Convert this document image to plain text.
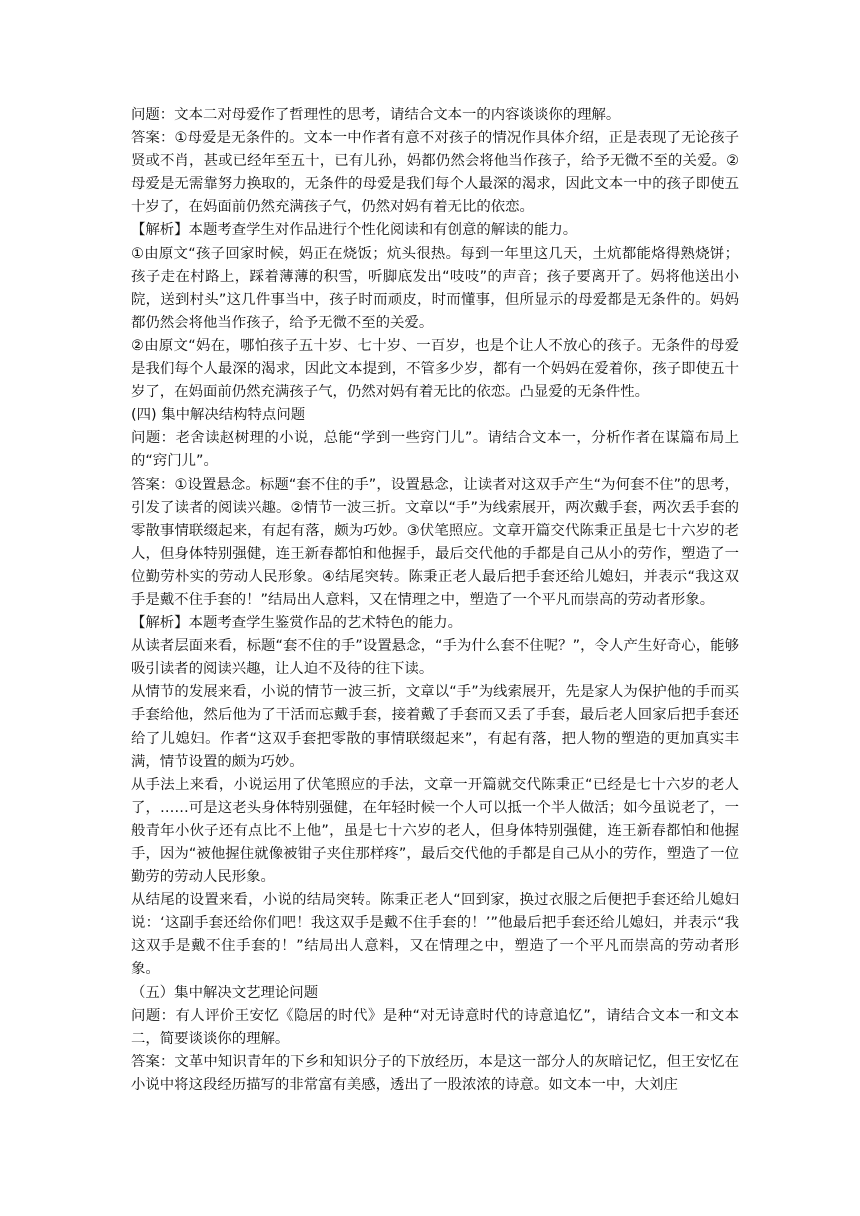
问题：文本二对母爱作了哲理性的思考，请结合文本一的内容谈谈你的理解。

答案：①母爱是无条件的。文本一中作者有意不对孩子的情况作具体介绍，正是表现了无论孩子贤或不肖，甚或已经年至五十，已有儿孙，妈都仍然会将他当作孩子，给予无微不至的关爱。②母爱是无需靠努力换取的，无条件的母爱是我们每个人最深的渴求，因此文本一中的孩子即使五十岁了，在妈面前仍然充满孩子气，仍然对妈有着无比的依恋。

【解析】本题考查学生对作品进行个性化阅读和有创意的解读的能力。

①由原文“孩子回家时候，妈正在烧饭；炕头很热。每到一年里这几天，土炕都能烙得熟烧饼；孩子走在村路上，踩着薄薄的积雪，听脚底发出“吱吱”的声音；孩子要离开了。妈将他送出小院，送到村头”这几件事当中，孩子时而顽皮，时而懂事，但所显示的母爱都是无条件的。妈妈都仍然会将他当作孩子，给予无微不至的关爱。

②由原文“妈在，哪怕孩子五十岁、七十岁、一百岁，也是个让人不放心的孩子。无条件的母爱是我们每个人最深的渴求，因此文本提到，不管多少岁，都有一个妈妈在爱着你，孩子即使五十岁了，在妈面前仍然充满孩子气，仍然对妈有着无比的依恋。凸显爱的无条件性。

(四) 集中解决结构特点问题

问题：老舍读赵树理的小说，总能“学到一些窍门儿”。请结合文本一，分析作者在谋篇布局上的“窍门儿”。

答案：①设置悬念。标题“套不住的手”，设置悬念，让读者对这双手产生“为何套不住”的思考，引发了读者的阅读兴趣。②情节一波三折。文章以“手”为线索展开，两次戴手套，两次丢手套的零散事情联缀起来，有起有落，颇为巧妙。③伏笔照应。文章开篇交代陈秉正虽是七十六岁的老人，但身体特别强健，连王新春都怕和他握手，最后交代他的手都是自己从小的劳作，塑造了一位勤劳朴实的劳动人民形象。④结尾突转。陈秉正老人最后把手套还给儿媳妇，并表示“我这双手是戴不住手套的！”结局出人意料，又在情理之中，塑造了一个平凡而崇高的劳动者形象。

【解析】本题考查学生鉴赏作品的艺术特色的能力。

从读者层面来看，标题“套不住的手”设置悬念，“手为什么套不住呢？”，令人产生好奇心，能够吸引读者的阅读兴趣，让人迫不及待的往下读。

从情节的发展来看，小说的情节一波三折，文章以“手”为线索展开，先是家人为保护他的手而买手套给他，然后他为了干活而忘戴手套，接着戴了手套而又丢了手套，最后老人回家后把手套还给了儿媳妇。作者“这双手套把零散的事情联缀起来”，有起有落，把人物的塑造的更加真实丰满，情节设置的颇为巧妙。

从手法上来看，小说运用了伏笔照应的手法，文章一开篇就交代陈秉正“已经是七十六岁的老人了，……可是这老头身体特别强健，在年轻时候一个人可以抵一个半人做活；如今虽说老了，一般青年小伙子还有点比不上他”，虽是七十六岁的老人，但身体特别强健，连王新春都怕和他握手，因为“被他握住就像被钳子夹住那样疼”，最后交代他的手都是自己从小的劳作，塑造了一位勤劳的劳动人民形象。

从结尾的设置来看，小说的结局突转。陈秉正老人“回到家，换过衣服之后便把手套还给儿媳妇说：‘这副手套还给你们吧！我这双手是戴不住手套的！’”他最后把手套还给儿媳妇，并表示“我这双手是戴不住手套的！”结局出人意料，又在情理之中，塑造了一个平凡而崇高的劳动者形象。

（五）集中解决文艺理论问题

问题：有人评价王安忆《隐居的时代》是种“对无诗意时代的诗意追忆”，请结合文本一和文本二，简要谈谈你的理解。

答案：文革中知识青年的下乡和知识分子的下放经历，本是这一部分人的灰暗记忆，但王安忆在小说中将这段经历描写的非常富有美感，透出了一股浓浓的诗意。如文本一中，大刘庄
